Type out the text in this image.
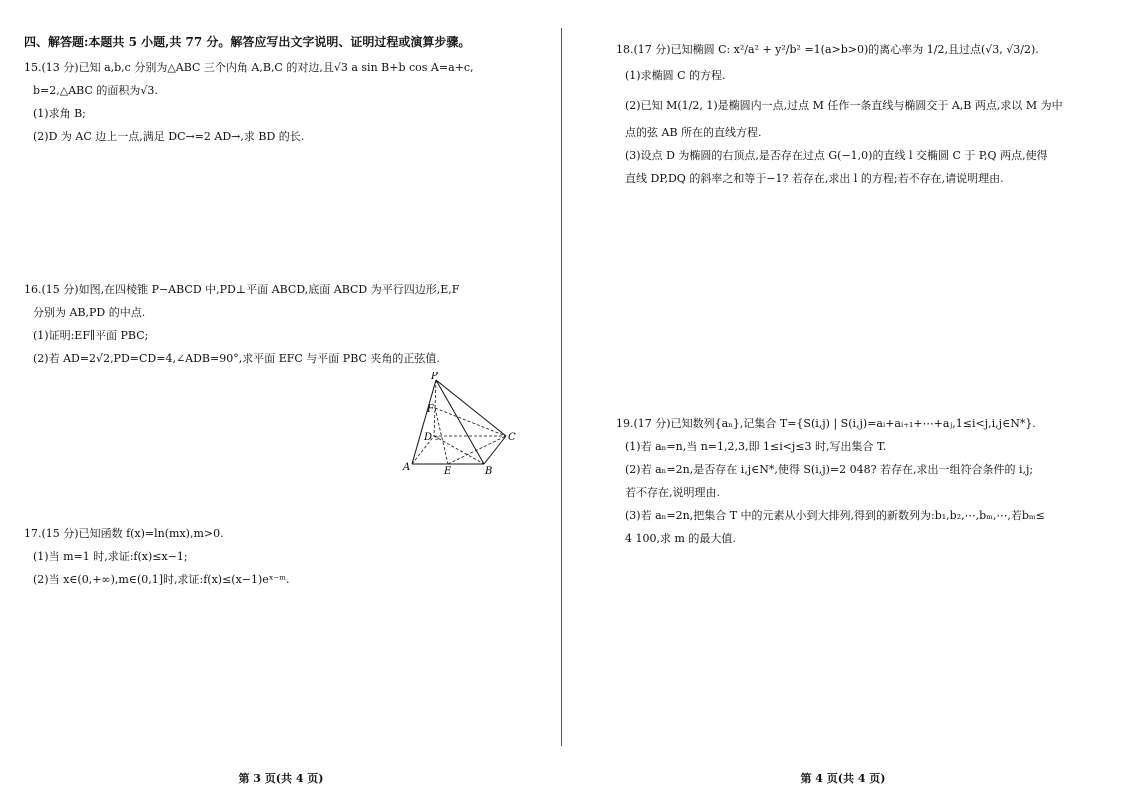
四、解答题:本题共 5 小题,共 77 分。解答应写出文字说明、证明过程或演算步骤。

15.(13 分)已知 a,b,c 分别为△ABC 三个内角 A,B,C 的对边,且√3 a sin B+b cos A=a+c,

b=2,△ABC 的面积为√3.

(1)求角 B;

(2)D 为 AC 边上一点,满足 DC→=2 AD→,求 BD 的长.

16.(15 分)如图,在四棱锥 P−ABCD 中,PD⊥平面 ABCD,底面 ABCD 为平行四边形,E,F

分别为 AB,PD 的中点.

(1)证明:EF∥平面 PBC;

(2)若 AD=2√2,PD=CD=4,∠ADB=90°,求平面 EFC 与平面 PBC 夹角的正弦值.

P
F
D	C
A	E	B

17.(15 分)已知函数 f(x)=ln(mx),m>0.

(1)当 m=1 时,求证:f(x)≤x−1;

(2)当 x∈(0,+∞),m∈(0,1]时,求证:f(x)≤(x−1)eˣ⁻ᵐ.

18.(17 分)已知椭圆 C: x²/a² + y²/b² =1(a>b>0)的离心率为 1/2,且过点(√3, √3/2).

(1)求椭圆 C 的方程.

(2)已知 M(1/2, 1)是椭圆内一点,过点 M 任作一条直线与椭圆交于 A,B 两点,求以 M 为中

点的弦 AB 所在的直线方程.

(3)设点 D 为椭圆的右顶点,是否存在过点 G(−1,0)的直线 l 交椭圆 C 于 P,Q 两点,使得

直线 DP,DQ 的斜率之和等于−1? 若存在,求出 l 的方程;若不存在,请说明理由.

19.(17 分)已知数列{aₙ},记集合 T={S(i,j) | S(i,j)=aᵢ+aᵢ₊₁+⋯+aⱼ,1≤i<j,i,j∈N*}.

(1)若 aₙ=n,当 n=1,2,3,即 1≤i<j≤3 时,写出集合 T.

(2)若 aₙ=2n,是否存在 i,j∈N*,使得 S(i,j)=2 048? 若存在,求出一组符合条件的 i,j;

若不存在,说明理由.

(3)若 aₙ=2n,把集合 T 中的元素从小到大排列,得到的新数列为:b₁,b₂,⋯,bₘ,⋯,若bₘ≤

4 100,求 m 的最大值.

第 3 页(共 4 页)	第 4 页(共 4 页)
